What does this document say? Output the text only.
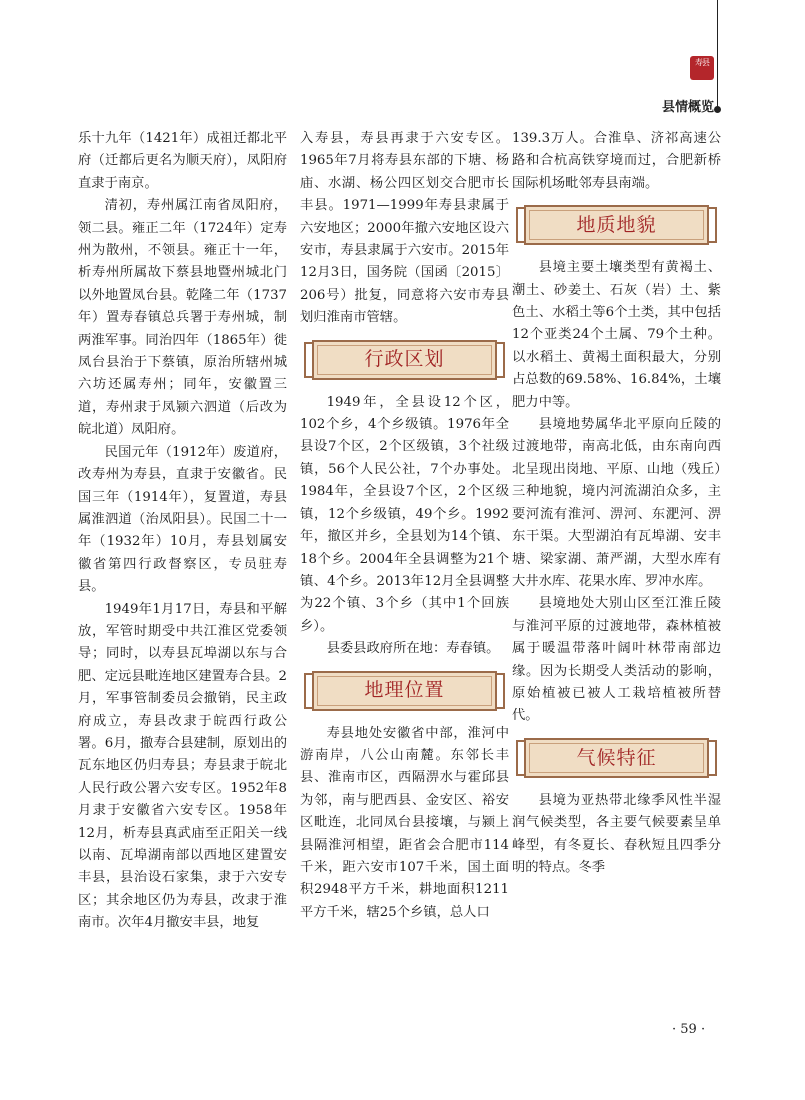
寿县
县情概览

乐十九年（1421年）成祖迁都北平府（迁都后更名为顺天府），凤阳府直隶于南京。

清初，寿州属江南省凤阳府，领二县。雍正二年（1724年）定寿州为散州，不领县。雍正十一年，析寿州所属故下蔡县地暨州城北门以外地置凤台县。乾隆二年（1737年）置寿春镇总兵署于寿州城，制两淮军事。同治四年（1865年）徙凤台县治于下蔡镇，原治所辖州城六坊还属寿州；同年，安徽置三道，寿州隶于凤颍六泗道（后改为皖北道）凤阳府。

民国元年（1912年）废道府，改寿州为寿县，直隶于安徽省。民国三年（1914年），复置道，寿县属淮泗道（治凤阳县）。民国二十一年（1932年）10月，寿县划属安徽省第四行政督察区，专员驻寿县。

1949年1月17日，寿县和平解放，军管时期受中共江淮区党委领导；同时，以寿县瓦埠湖以东与合肥、定远县毗连地区建置寿合县。2月，军事管制委员会撤销，民主政府成立，寿县改隶于皖西行政公署。6月，撤寿合县建制，原划出的瓦东地区仍归寿县；寿县隶于皖北人民行政公署六安专区。1952年8月隶于安徽省六安专区。1958年12月，析寿县真武庙至正阳关一线以南、瓦埠湖南部以西地区建置安丰县，县治设石家集，隶于六安专区；其余地区仍为寿县，改隶于淮南市。次年4月撤安丰县，地复

入寿县，寿县再隶于六安专区。1965年7月将寿县东部的下塘、杨庙、水湖、杨公四区划交合肥市长丰县。1971—1999年寿县隶属于六安地区；2000年撤六安地区设六安市，寿县隶属于六安市。2015年12月3日，国务院（国函〔2015〕206号）批复，同意将六安市寿县划归淮南市管辖。

行政区划

1949年，全县设12个区，102个乡，4个乡级镇。1976年全县设7个区，2个区级镇，3个社级镇，56个人民公社，7个办事处。1984年，全县设7个区，2个区级镇，12个乡级镇，49个乡。1992年，撤区并乡，全县划为14个镇、18个乡。2004年全县调整为21个镇、4个乡。2013年12月全县调整为22个镇、3个乡（其中1个回族乡）。

县委县政府所在地：寿春镇。

地理位置

寿县地处安徽省中部，淮河中游南岸，八公山南麓。东邻长丰县、淮南市区，西隔淠水与霍邱县为邻，南与肥西县、金安区、裕安区毗连，北同凤台县接壤，与颍上县隔淮河相望，距省会合肥市114千米，距六安市107千米，国土面积2948平方千米，耕地面积1211平方千米，辖25个乡镇，总人口

139.3万人。合淮阜、济祁高速公路和合杭高铁穿境而过，合肥新桥国际机场毗邻寿县南端。

地质地貌

县境主要土壤类型有黄褐土、潮土、砂姜土、石灰（岩）土、紫色土、水稻土等6个土类，其中包括12个亚类24个土属、79个土种。以水稻土、黄褐土面积最大，分别占总数的69.58%、16.84%，土壤肥力中等。

县境地势属华北平原向丘陵的过渡地带，南高北低，由东南向西北呈现出岗地、平原、山地（残丘）三种地貌，境内河流湖泊众多，主要河流有淮河、淠河、东淝河、淠东干渠。大型湖泊有瓦埠湖、安丰塘、梁家湖、萧严湖，大型水库有大井水库、花果水库、罗冲水库。

县境地处大别山区至江淮丘陵与淮河平原的过渡地带，森林植被属于暖温带落叶阔叶林带南部边缘。因为长期受人类活动的影响，原始植被已被人工栽培植被所替代。

气候特征

县境为亚热带北缘季风性半湿润气候类型，各主要气候要素呈单峰型，有冬夏长、春秋短且四季分明的特点。冬季

· 59 ·
